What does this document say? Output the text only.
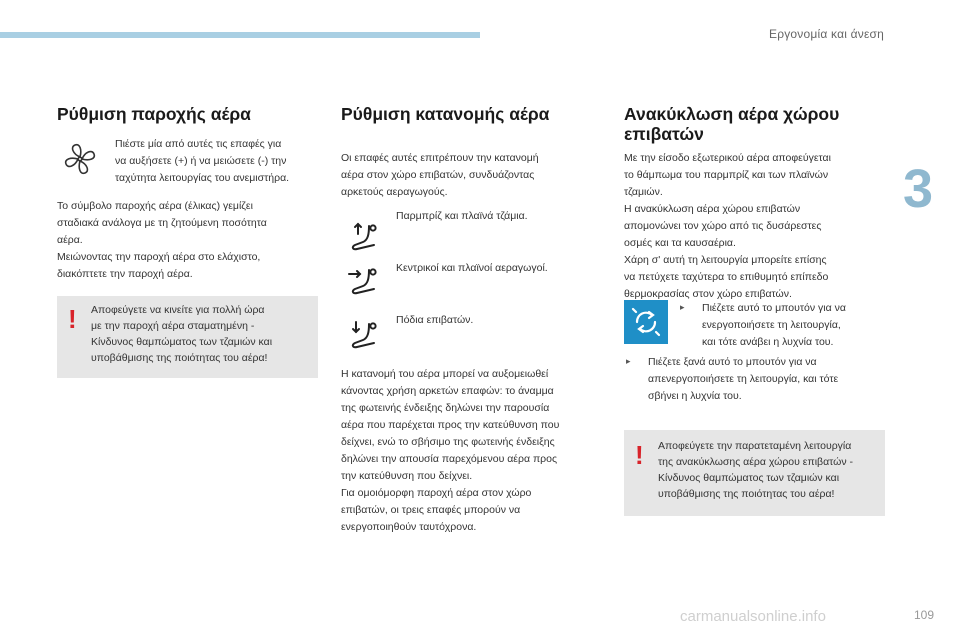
Εργονομία και άνεση
3
Ρύθμιση παροχής αέρα

Πιέστε μία από αυτές τις επαφές για
να αυξήσετε (+) ή να μειώσετε (-) την
ταχύτητα λειτουργίας του ανεμιστήρα.

Το σύμβολο παροχής αέρα (έλικας) γεμίζει
σταδιακά ανάλογα με τη ζητούμενη ποσότητα
αέρα.
Μειώνοντας την παροχή αέρα στο ελάχιστο,
διακόπτετε την παροχή αέρα.

! Αποφεύγετε να κινείτε για πολλή ώρα
με την παροχή αέρα σταματημένη -
Κίνδυνος θαμπώματος των τζαμιών και
υποβάθμισης της ποιότητας του αέρα!

Ρύθμιση κατανομής αέρα

Οι επαφές αυτές επιτρέπουν την κατανομή
αέρα στον χώρο επιβατών, συνδυάζοντας
αρκετούς αεραγωγούς.

Παρμπρίζ και πλαϊνά τζάμια.

Κεντρικοί και πλαϊνοί αεραγωγοί.

Πόδια επιβατών.

Η κατανομή του αέρα μπορεί να αυξομειωθεί
κάνοντας χρήση αρκετών επαφών: το άναμμα
της φωτεινής ένδειξης δηλώνει την παρουσία
αέρα που παρέχεται προς την κατεύθυνση που
δείχνει, ενώ το σβήσιμο της φωτεινής ένδειξης
δηλώνει την απουσία παρεχόμενου αέρα προς
την κατεύθυνση που δείχνει.
Για ομοιόμορφη παροχή αέρα στον χώρο
επιβατών, οι τρεις επαφές μπορούν να
ενεργοποιηθούν ταυτόχρονα.

Ανακύκλωση αέρα χώρου
επιβατών

Με την είσοδο εξωτερικού αέρα αποφεύγεται
το θάμπωμα του παρμπρίζ και των πλαϊνών
τζαμιών.
Η ανακύκλωση αέρα χώρου επιβατών
απομονώνει τον χώρο από τις δυσάρεστες
οσμές και τα καυσαέρια.
Χάρη σ' αυτή τη λειτουργία μπορείτε επίσης
να πετύχετε ταχύτερα το επιθυμητό επίπεδο
θερμοκρασίας στον χώρο επιβατών.

▸ Πιέζετε αυτό το μπουτόν για να
ενεργοποιήσετε τη λειτουργία,
και τότε ανάβει η λυχνία του.

▸ Πιέζετε ξανά αυτό το μπουτόν για να
απενεργοποιήσετε τη λειτουργία, και τότε
σβήνει η λυχνία του.

! Αποφεύγετε την παρατεταμένη λειτουργία
της ανακύκλωσης αέρα χώρου επιβατών -
Κίνδυνος θαμπώματος των τζαμιών και
υποβάθμισης της ποιότητας του αέρα!

carmanualsonline.info	109
